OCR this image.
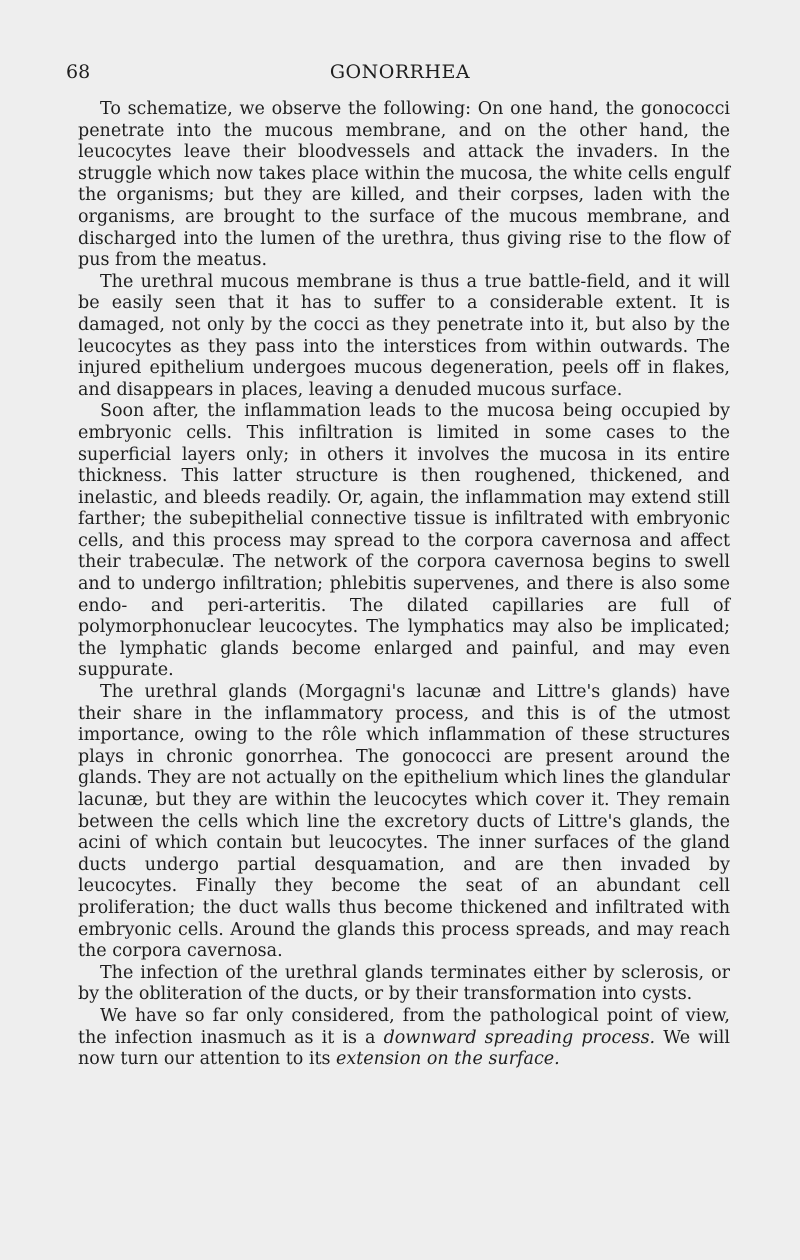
68	GONORRHEA

To schematize, we observe the following: On one hand, the gonococci penetrate into the mucous membrane, and on the other hand, the leucocytes leave their bloodvessels and attack the invaders. In the struggle which now takes place within the mucosa, the white cells engulf the organisms; but they are killed, and their corpses, laden with the organisms, are brought to the surface of the mucous membrane, and discharged into the lumen of the urethra, thus giving rise to the flow of pus from the meatus.

The urethral mucous membrane is thus a true battle-field, and it will be easily seen that it has to suffer to a considerable extent. It is damaged, not only by the cocci as they penetrate into it, but also by the leucocytes as they pass into the interstices from within outwards. The injured epithelium undergoes mucous degeneration, peels off in flakes, and disappears in places, leaving a denuded mucous surface.

Soon after, the inflammation leads to the mucosa being occupied by embryonic cells. This infiltration is limited in some cases to the superficial layers only; in others it involves the mucosa in its entire thickness. This latter structure is then roughened, thickened, and inelastic, and bleeds readily. Or, again, the inflammation may extend still farther; the subepithelial connective tissue is infiltrated with embryonic cells, and this process may spread to the corpora cavernosa and affect their trabeculæ. The network of the corpora cavernosa begins to swell and to undergo infiltration; phlebitis supervenes, and there is also some endo- and peri-arteritis. The dilated capillaries are full of polymorphonuclear leucocytes. The lymphatics may also be implicated; the lymphatic glands become enlarged and painful, and may even suppurate.

The urethral glands (Morgagni's lacunæ and Littre's glands) have their share in the inflammatory process, and this is of the utmost importance, owing to the rôle which inflammation of these structures plays in chronic gonorrhea. The gonococci are present around the glands. They are not actually on the epithelium which lines the glandular lacunæ, but they are within the leucocytes which cover it. They remain between the cells which line the excretory ducts of Littre's glands, the acini of which contain but leucocytes. The inner surfaces of the gland ducts undergo partial desquamation, and are then invaded by leucocytes. Finally they become the seat of an abundant cell proliferation; the duct walls thus become thickened and infiltrated with embryonic cells. Around the glands this process spreads, and may reach the corpora cavernosa.

The infection of the urethral glands terminates either by sclerosis, or by the obliteration of the ducts, or by their transformation into cysts.

We have so far only considered, from the pathological point of view, the infection inasmuch as it is a downward spreading process. We will now turn our attention to its extension on the surface.
